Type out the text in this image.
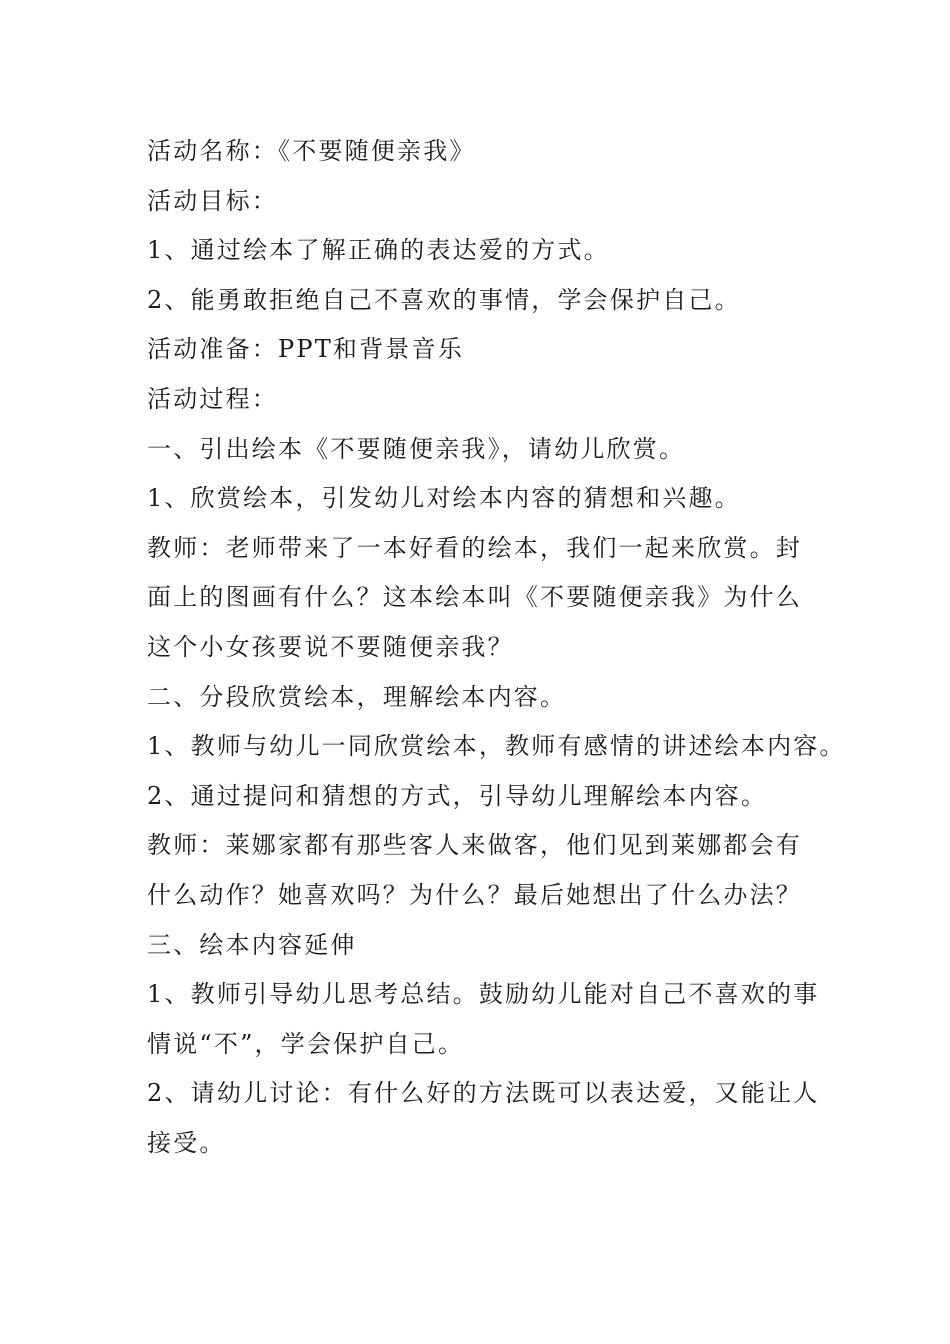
活动名称：《不要随便亲我》
活动目标：
1、通过绘本了解正确的表达爱的方式。
2、能勇敢拒绝自己不喜欢的事情，学会保护自己。
活动准备：PPT和背景音乐
活动过程：
一、引出绘本《不要随便亲我》，请幼儿欣赏。
1、欣赏绘本，引发幼儿对绘本内容的猜想和兴趣。
教师：老师带来了一本好看的绘本，我们一起来欣赏。封
面上的图画有什么？这本绘本叫《不要随便亲我》为什么
这个小女孩要说不要随便亲我？
二、分段欣赏绘本，理解绘本内容。
1、教师与幼儿一同欣赏绘本，教师有感情的讲述绘本内容。
2、通过提问和猜想的方式，引导幼儿理解绘本内容。
教师：莱娜家都有那些客人来做客，他们见到莱娜都会有
什么动作？她喜欢吗？为什么？最后她想出了什么办法？
三、绘本内容延伸
1、教师引导幼儿思考总结。鼓励幼儿能对自己不喜欢的事
情说“不”，学会保护自己。
2、请幼儿讨论：有什么好的方法既可以表达爱，又能让人
接受。
